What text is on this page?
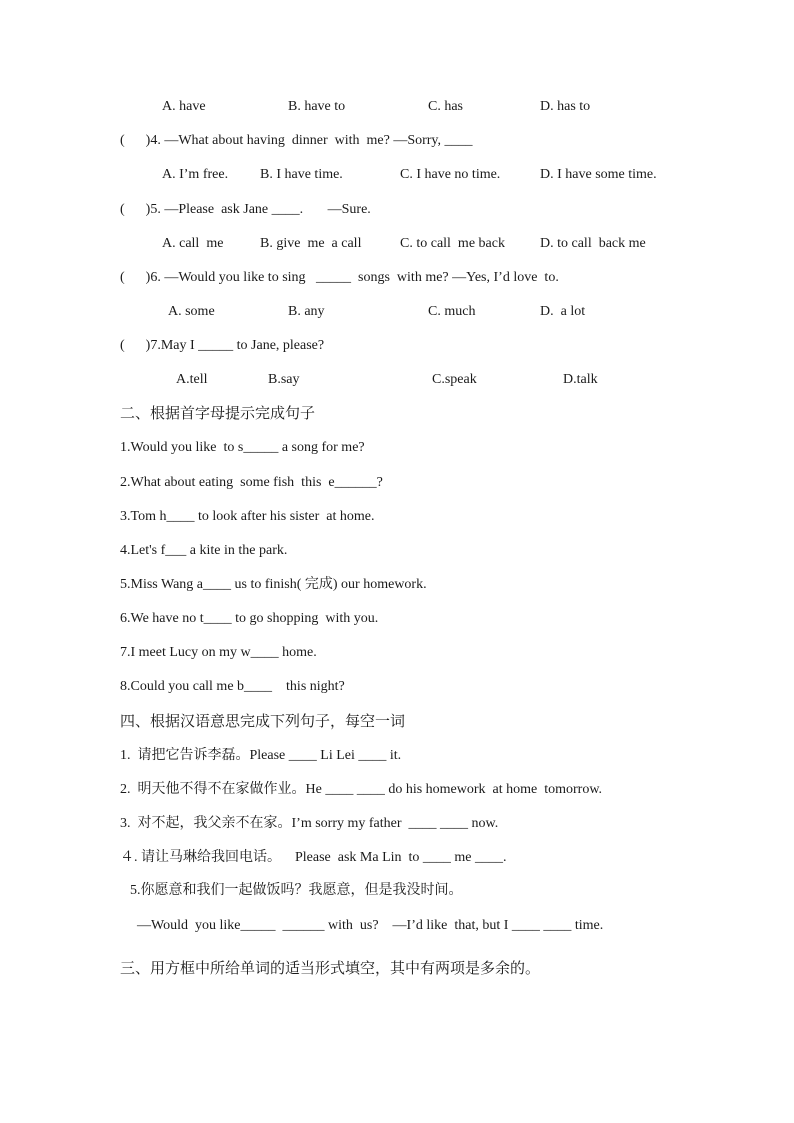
A. have	B. have to	C. has	D. has to
(      )4. —What about having  dinner  with  me? —Sorry, ____
A. I’m free. B. I have time.	C. I have no time.	D. I have some time.
(      )5. —Please  ask Jane ____.       —Sure.
A. call  me	B. give  me  a call	C. to call  me back	D. to call  back me
(      )6. —Would you like to sing   _____  songs  with me? —Yes, I’d love  to.
A. some	B. any	C. much	D.  a lot
(      )7.May I _____ to Jane, please?
A.tell	B.say	C.speak	D.talk
二、根据首字母提示完成句子
1.Would you like  to s_____ a song for me?
2.What about eating  some fish  this  e______?
3.Tom h____ to look after his sister  at home.
4.Let's f___ a kite in the park.
5.Miss Wang a____ us to finish( 完成) our homework.
6.We have no t____ to go shopping  with you.
7.I meet Lucy on my w____ home.
8.Could you call me b____    this night?
四、根据汉语意思完成下列句子，每空一词
1.  请把它告诉李磊。Please ____ Li Lei ____ it.
2.  明天他不得不在家做作业。He ____ ____ do his homework  at home  tomorrow.
3.  对不起，我父亲不在家。I’m sorry my father  ____ ____ now.
４. 请让马琳给我回电话。    Please  ask Ma Lin  to ____ me ____.
5.你愿意和我们一起做饭吗？我愿意，但是我没时间。
—Would  you like_____  ______ with  us?    —I’d like  that, but I ____ ____ time.
三、用方框中所给单词的适当形式填空，其中有两项是多余的。
